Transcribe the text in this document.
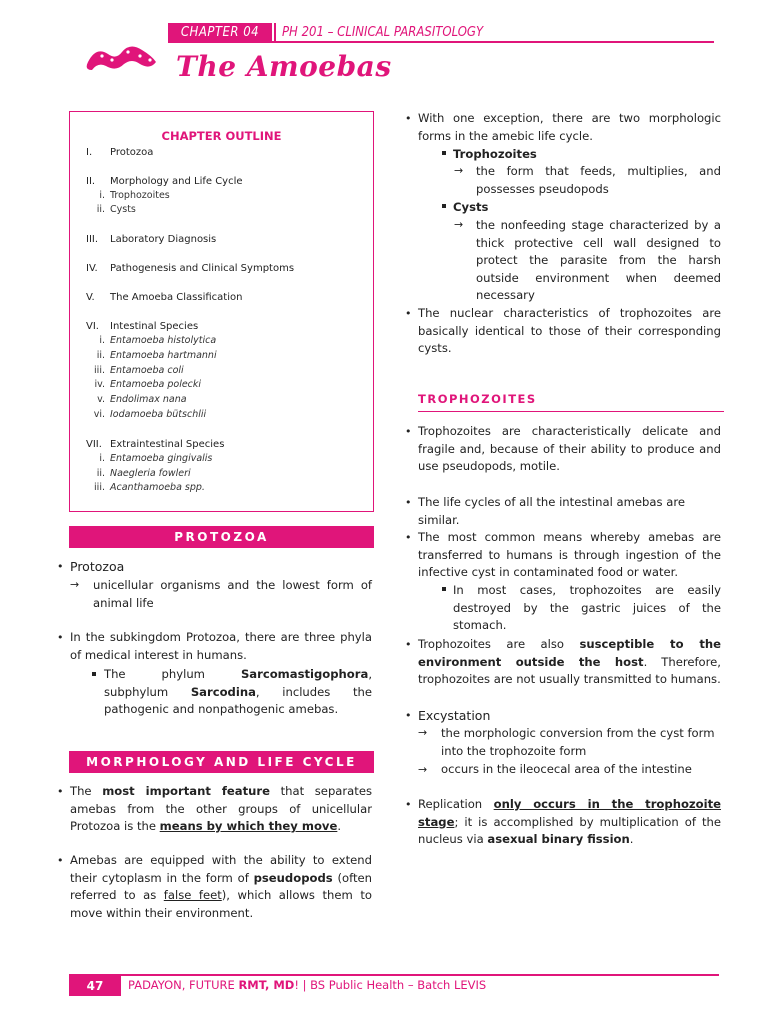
CHAPTER 04	PH 201 – CLINICAL PARASITOLOGY
The Amoebas
CHAPTER OUTLINE
I.	Protozoa
II.	Morphology and Life Cycle
i. Trophozoites
ii. Cysts
III.	Laboratory Diagnosis
IV.	Pathogenesis and Clinical Symptoms
V.	The Amoeba Classification
VI.	Intestinal Species
i. Entamoeba histolytica
ii. Entamoeba hartmanni
iii. Entamoeba coli
iv. Entamoeba polecki
v. Endolimax nana
vi. Iodamoeba bütschlii
VII. Extraintestinal Species
i. Entamoeba gingivalis
ii. Naegleria fowleri
iii. Acanthamoeba spp.
PROTOZOA
• Protozoa
→ unicellular organisms and the lowest form of animal life
• In the subkingdom Protozoa, there are three phyla of medical interest in humans.
The phylum Sarcomastigophora, subphylum Sarcodina, includes the pathogenic and nonpathogenic amebas.
MORPHOLOGY AND LIFE CYCLE
• The most important feature that separates amebas from the other groups of unicellular Protozoa is the means by which they move.
• Amebas are equipped with the ability to extend their cytoplasm in the form of pseudopods (often referred to as false feet), which allows them to move within their environment.
• With one exception, there are two morphologic forms in the amebic life cycle.
Trophozoites
→ the form that feeds, multiplies, and possesses pseudopods
Cysts
→ the nonfeeding stage characterized by a thick protective cell wall designed to protect the parasite from the harsh outside environment when deemed necessary
• The nuclear characteristics of trophozoites are basically identical to those of their corresponding cysts.
TROPHOZOITES
• Trophozoites are characteristically delicate and fragile and, because of their ability to produce and use pseudopods, motile.
• The life cycles of all the intestinal amebas are similar.
• The most common means whereby amebas are transferred to humans is through ingestion of the infective cyst in contaminated food or water.
In most cases, trophozoites are easily destroyed by the gastric juices of the stomach.
• Trophozoites are also susceptible to the environment outside the host. Therefore, trophozoites are not usually transmitted to humans.
• Excystation
→ the morphologic conversion from the cyst form into the trophozoite form
→ occurs in the ileocecal area of the intestine
• Replication only occurs in the trophozoite stage; it is accomplished by multiplication of the nucleus via asexual binary fission.
47	PADAYON, FUTURE RMT, MD! | BS Public Health – Batch LEVIS
